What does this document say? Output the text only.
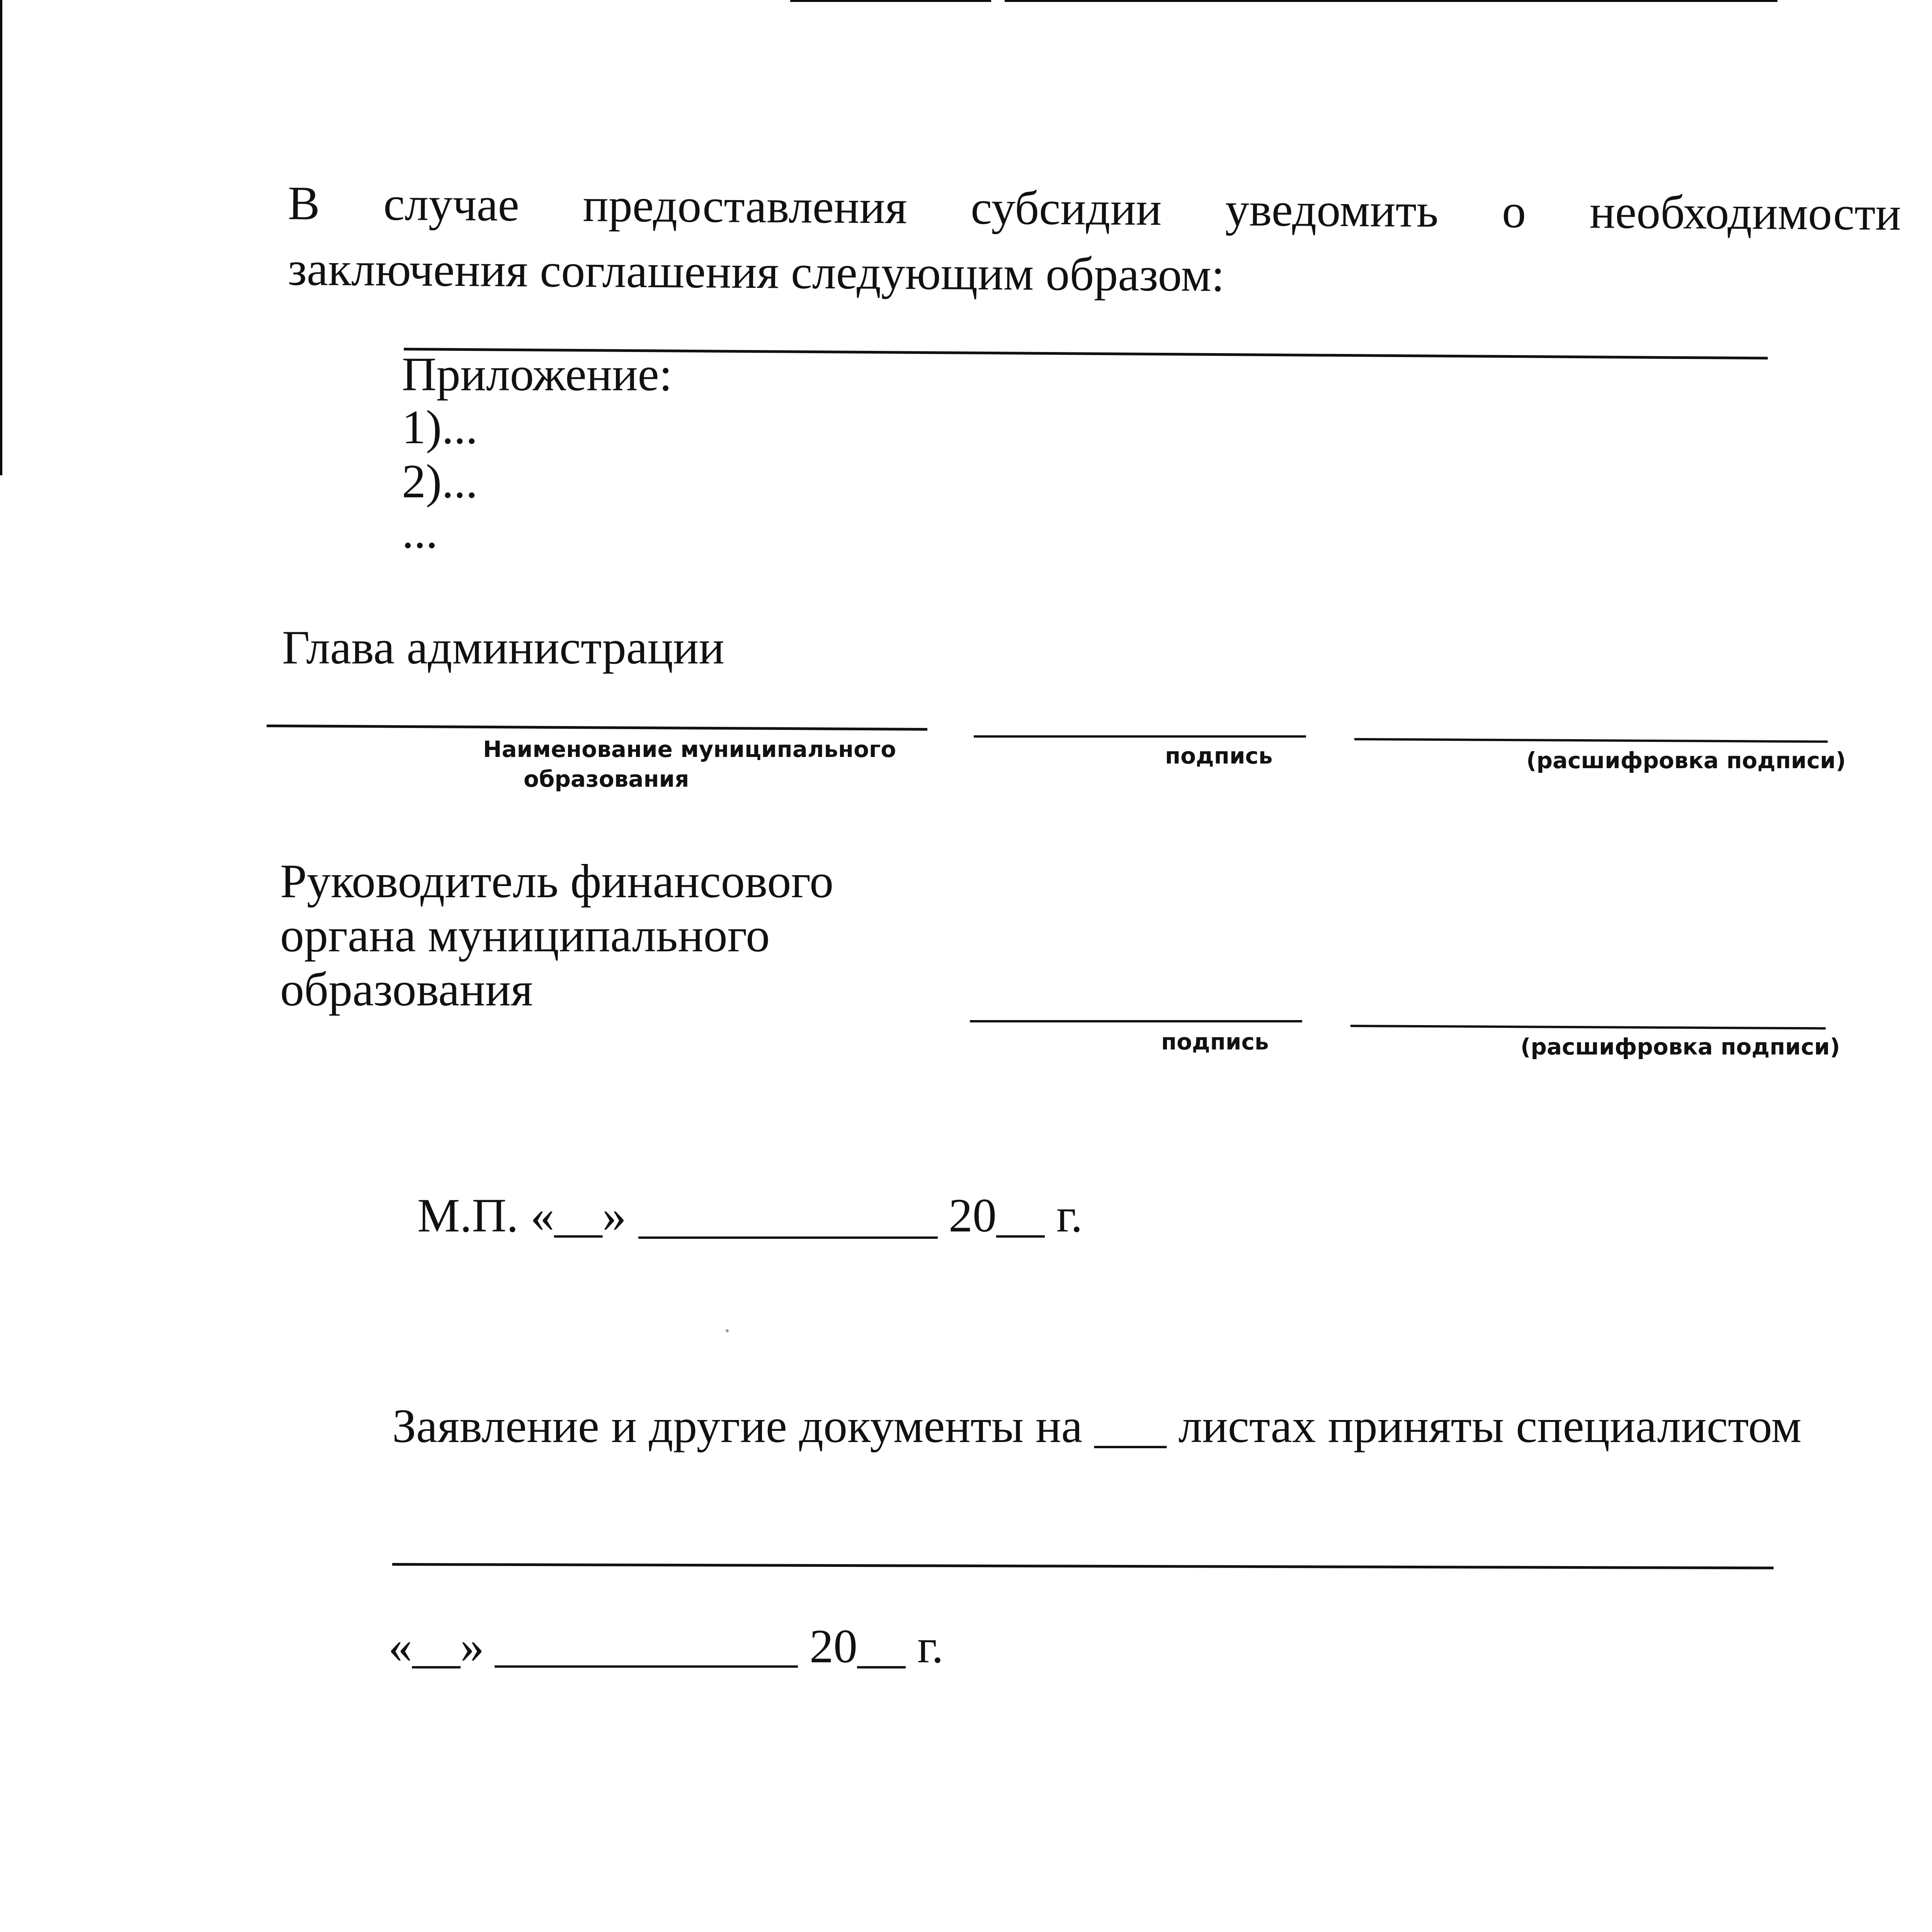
В случае предоставления субсидии уведомить о необходимости
заключения соглашения следующим образом:
Приложение:
1)...
2)...
...
Глава администрации
Наименование муниципального
образования
подпись	(расшифровка подписи)
Руководитель финансового
органа муниципального
образования
подпись	(расшифровка подписи)
М.П. «__»	20__ г.
Заявление и другие документы на ___ листах приняты специалистом
«__»	20__ г.
